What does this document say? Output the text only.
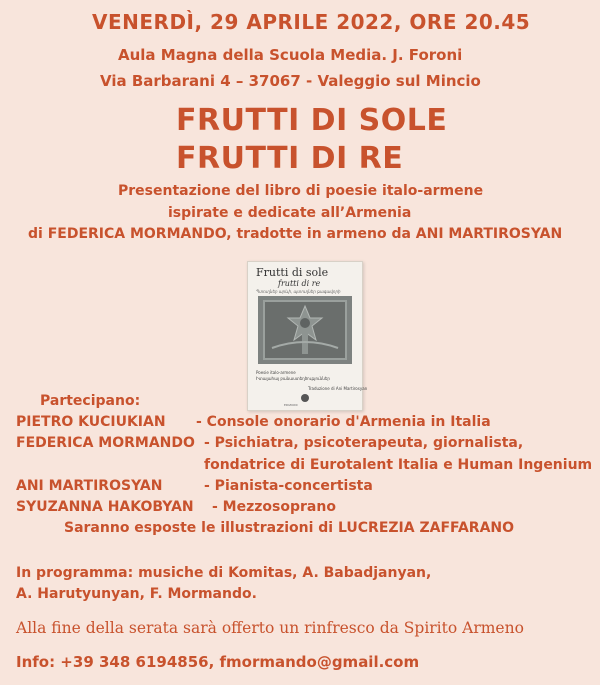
VENERDÌ, 29 APRILE 2022, ORE 20.45
Aula Magna della Scuola Media. J. Foroni
Via Barbarani 4 – 37067 - Valeggio sul Mincio
FRUTTI DI SOLE
FRUTTI DI RE
Presentazione del libro di poesie italo-armene
ispirate e dedicate all’Armenia
di FEDERICA MORMANDO, tradotte in armeno da ANI MARTIROSYAN
Frutti di sole
frutti di re
Պտուղներ արևի, պտուղներ թագավորի
Poesie italo-armene
Իտալահայ բանաստեղծություններ
Traduzione di Ani Martirosyan
EDIZIONI
Partecipano:
PIETRO KUCIUKIAN - Console onorario d'Armenia in Italia
FEDERICA MORMANDO - Psichiatra, psicoterapeuta, giornalista,
fondatrice di Eurotalent Italia e Human Ingenium
ANI MARTIROSYAN	- Pianista-concertista
SYUZANNA HAKOBYAN - Mezzosoprano
Saranno esposte le illustrazioni di LUCREZIA ZAFFARANO
In programma: musiche di Komitas, A. Babadjanyan,
A. Harutyunyan, F. Mormando.
Alla fine della serata sarà offerto un rinfresco da Spirito Armeno
Info: +39 348 6194856, fmormando@gmail.com
